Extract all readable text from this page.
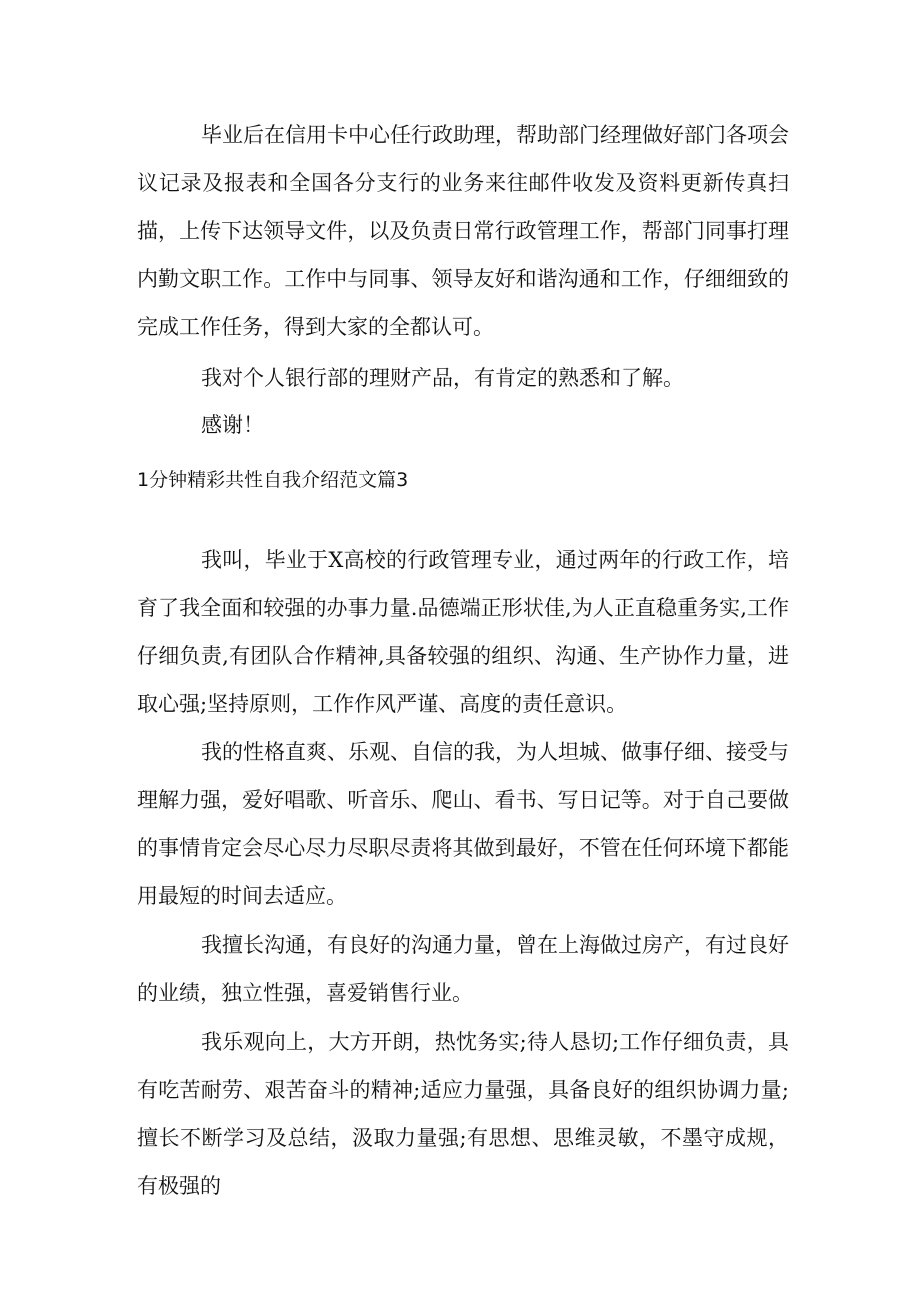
毕业后在信用卡中心任行政助理，帮助部门经理做好部门各项会议记录及报表和全国各分支行的业务来往邮件收发及资料更新传真扫描，上传下达领导文件，以及负责日常行政管理工作，帮部门同事打理内勤文职工作。工作中与同事、领导友好和谐沟通和工作，仔细细致的完成工作任务，得到大家的全都认可。

我对个人银行部的理财产品，有肯定的熟悉和了解。

感谢！

1分钟精彩共性自我介绍范文篇3

我叫，毕业于X高校的行政管理专业，通过两年的行政工作，培育了我全面和较强的办事力量.品德端正形状佳,为人正直稳重务实,工作仔细负责,有团队合作精神,具备较强的组织、沟通、生产协作力量，进取心强;坚持原则，工作作风严谨、高度的责任意识。

我的性格直爽、乐观、自信的我，为人坦城、做事仔细、接受与理解力强，爱好唱歌、听音乐、爬山、看书、写日记等。对于自己要做的事情肯定会尽心尽力尽职尽责将其做到最好，不管在任何环境下都能用最短的时间去适应。

我擅长沟通，有良好的沟通力量，曾在上海做过房产，有过良好的业绩，独立性强，喜爱销售行业。

我乐观向上，大方开朗，热忱务实;待人恳切;工作仔细负责，具有吃苦耐劳、艰苦奋斗的精神;适应力量强，具备良好的组织协调力量;擅长不断学习及总结，汲取力量强;有思想、思维灵敏，不墨守成规，有极强的
